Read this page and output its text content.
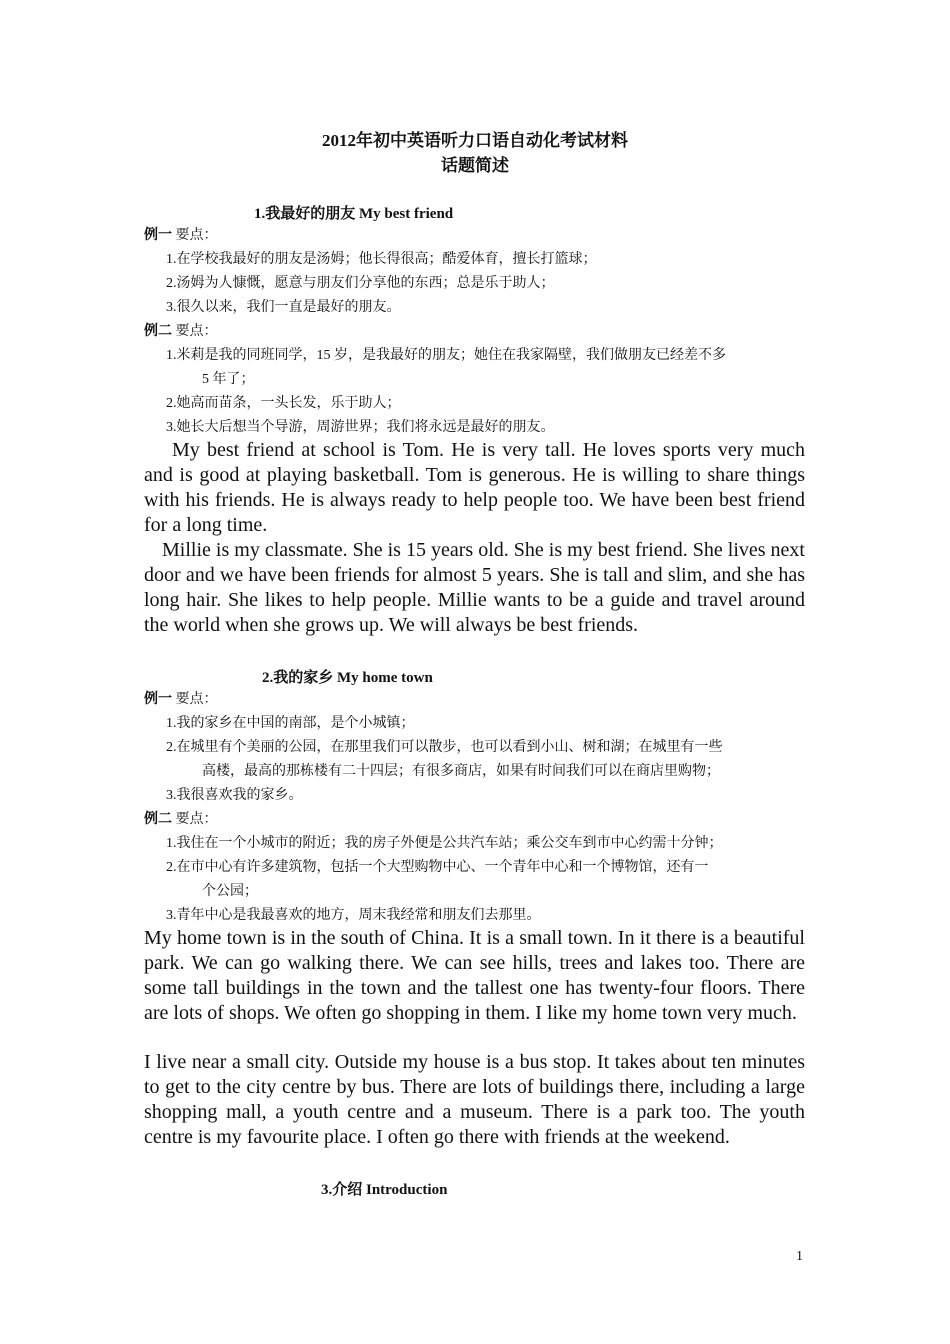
2012年初中英语听力口语自动化考试材料
话题简述
1.我最好的朋友 My best friend
例一 要点：
1.在学校我最好的朋友是汤姆；他长得很高；酷爱体育，擅长打篮球；
2.汤姆为人慷慨，愿意与朋友们分享他的东西；总是乐于助人；
3.很久以来，我们一直是最好的朋友。
例二 要点：
1.米莉是我的同班同学，15 岁，是我最好的朋友；她住在我家隔壁，我们做朋友已经差不多
5 年了；
2.她高而苗条，一头长发，乐于助人；
3.她长大后想当个导游，周游世界；我们将永远是最好的朋友。

My best friend at school is Tom. He is very tall. He loves sports very much and is good at playing basketball. Tom is generous. He is willing to share things with his friends. He is always ready to help people too. We have been best friend for a long time.

Millie is my classmate. She is 15 years old. She is my best friend. She lives next door and we have been friends for almost 5 years. She is tall and slim, and she has long hair. She likes to help people. Millie wants to be a guide and travel around the world when she grows up. We will always be best friends.

2.我的家乡 My home town
例一 要点：
1.我的家乡在中国的南部，是个小城镇；
2.在城里有个美丽的公园，在那里我们可以散步，也可以看到小山、树和湖；在城里有一些
高楼，最高的那栋楼有二十四层；有很多商店，如果有时间我们可以在商店里购物；
3.我很喜欢我的家乡。
例二 要点：
1.我住在一个小城市的附近；我的房子外便是公共汽车站；乘公交车到市中心约需十分钟；
2.在市中心有许多建筑物，包括一个大型购物中心、一个青年中心和一个博物馆，还有一
个公园；
3.青年中心是我最喜欢的地方，周末我经常和朋友们去那里。

My home town is in the south of China. It is a small town. In it there is a beautiful park. We can go walking there. We can see hills, trees and lakes too. There are some tall buildings in the town and the tallest one has twenty-four floors. There are lots of shops. We often go shopping in them. I like my home town very much.

I live near a small city. Outside my house is a bus stop. It takes about ten minutes to get to the city centre by bus. There are lots of buildings there, including a large shopping mall, a youth centre and a museum. There is a park too. The youth centre is my favourite place. I often go there with friends at the weekend.

3.介绍 Introduction
1
